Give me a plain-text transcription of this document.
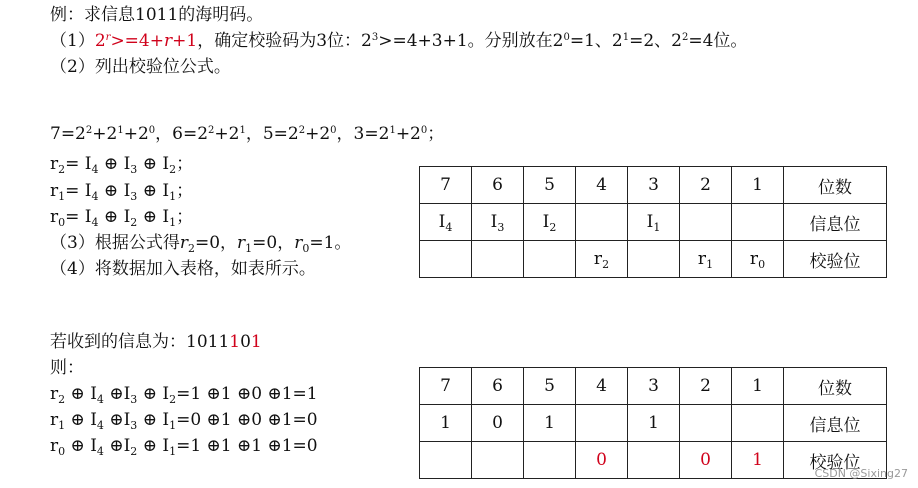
例：求信息1011的海明码。
$(1)2^r>=4+r+1$，确定校验码为3位：$2^3>=4+3+1$。分别放在$2^0=1$、$2^1=2$、$2^2=4$位。
（2）列出校验位公式。
$7=2^2+2^1+2^0$，$6=2^2+2^1$，$5=2^2+2^0$，$3=2^1+2^0$；
$r_2= I_4$ ⊕ $I_3$ ⊕ $I_2$；
$r_1= I_4$ ⊕ $I_3$ ⊕ $I_1$；
$r_0= I_4$ ⊕ $I_2$ ⊕ $I_1$；
（3）根据公式得$r_2=0$，$r_1=0$，$r_0=1$。
（4）将数据加入表格，如表所示。
7	6	5	4	3	2	1	位数
$I_4$	$I_3$	$I_2$		$I_1$			信息位
			$r_2$		$r_1$	$r_0$	校验位
若收到的信息为：1011101
则：
$r_2$ ⊕ $I_4$ $\oplus I_3$ ⊕ $I_2=1$ ⊕1 ⊕0 ⊕1=1
$r_1$ ⊕ $I_4$ $\oplus I_3$ ⊕ $I_1=0$ ⊕1 ⊕0 ⊕1=0
$r_0$ ⊕ $I_4$ $\oplus I_2$ ⊕ $I_1=1$ ⊕1 ⊕1 ⊕1=0
7	6	5	4	3	2	1	位数
1	0	1		1			信息位
			0		0	1	校验位
CSDN @Sixing27
